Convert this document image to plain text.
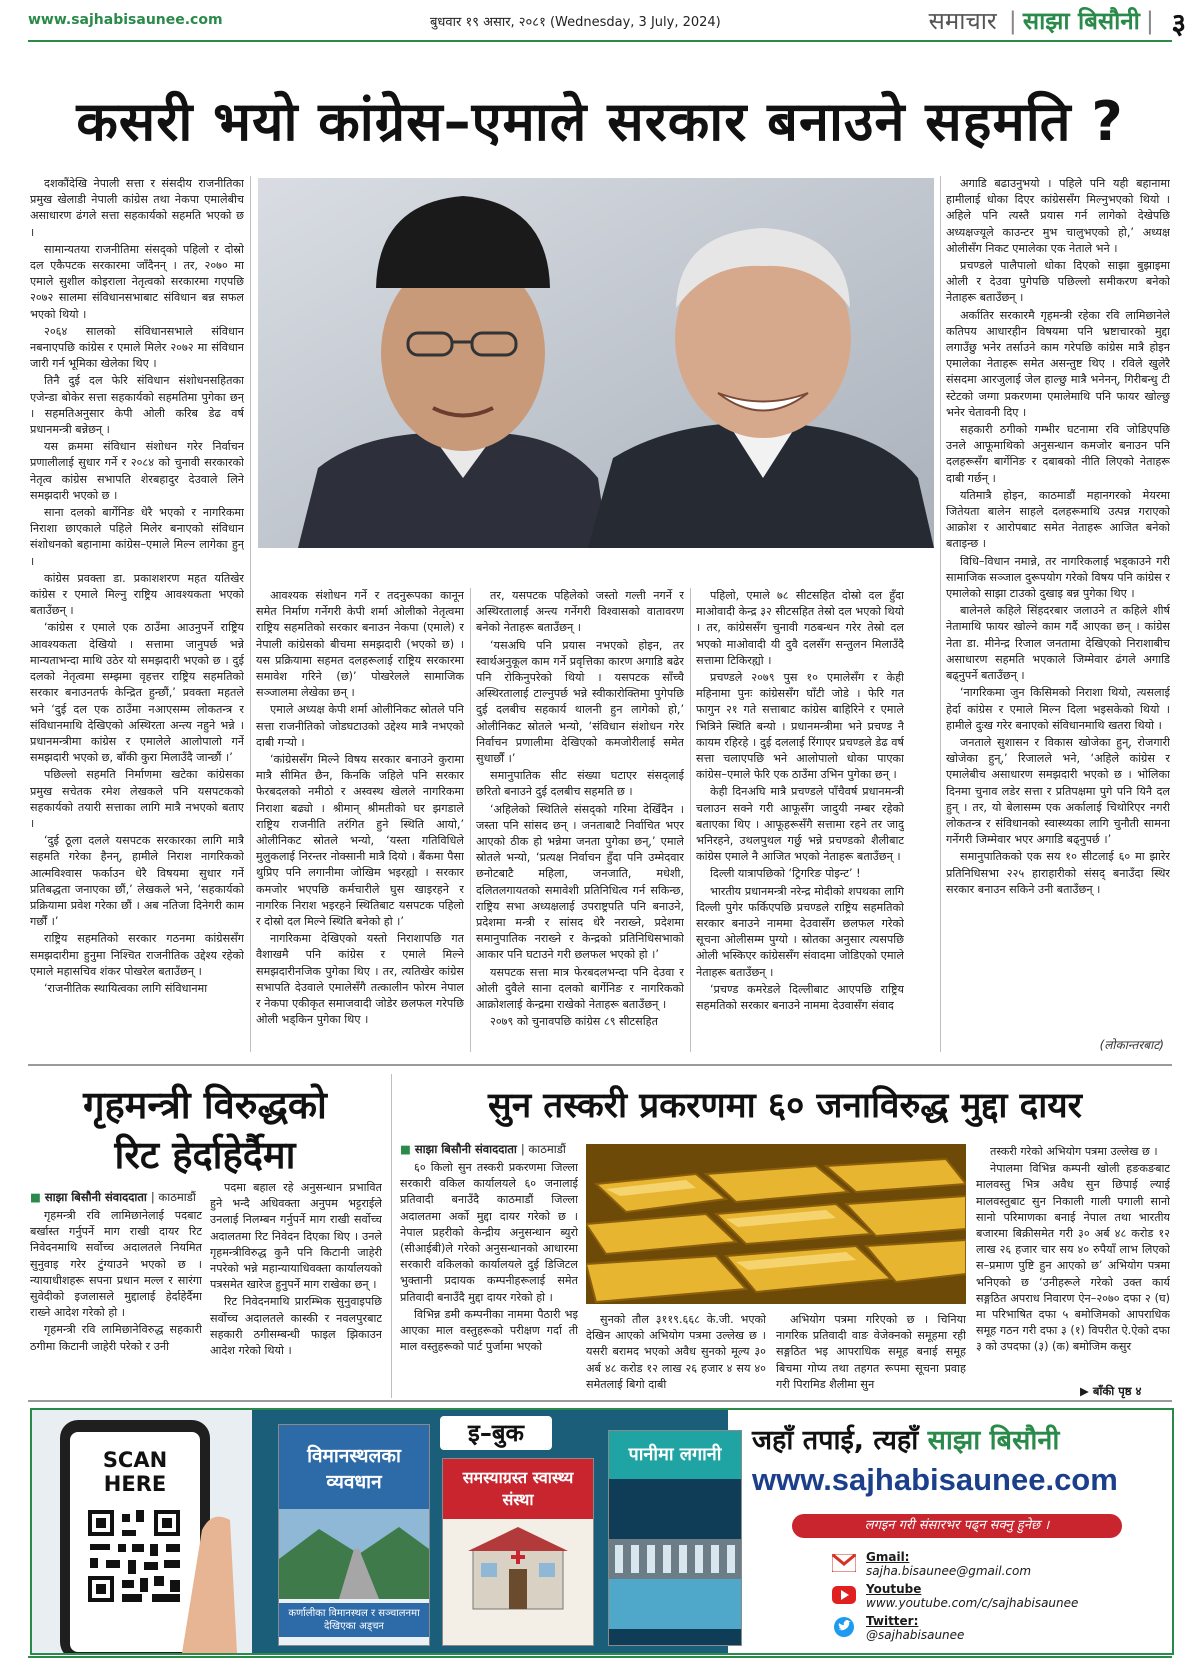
www.sajhabisaunee.com	बुधवार १९ असार, २०८१ (Wednesday, 3 July, 2024)	समाचार | साझा बिसौनी | ३
कसरी भयो कांग्रेस–एमाले सरकार बनाउने सहमति ?

दशकौंदेखि नेपाली सत्ता र संसदीय राजनीतिका प्रमुख खेलाडी नेपाली कांग्रेस तथा नेकपा एमालेबीच असाधारण ढंगले सत्ता सहकार्यको सहमति भएको छ ।

सामान्यतया राजनीतिमा संसद्को पहिलो र दोस्रो दल एकैपटक सरकारमा जाँदैनन् । तर, २०७० मा एमाले सुशील कोइराला नेतृत्वको सरकारमा गएपछि २०७२ सालमा संविधानसभाबाट संविधान बन्न सफल भएको थियो ।

२०६४ सालको संविधानसभाले संविधान नबनाएपछि कांग्रेस र एमाले मिलेर २०७२ मा संविधान जारी गर्न भूमिका खेलेका थिए ।

तिनै दुई दल फेरि संविधान संशोधनसहितका एजेन्डा बोकेर सत्ता सहकार्यको सहमतिमा पुगेका छन् । सहमतिअनुसार केपी ओली करिब डेढ वर्ष प्रधानमन्त्री बन्नेछन् ।

यस क्रममा संविधान संशोधन गरेर निर्वाचन प्रणालीलाई सुधार गर्ने र २०८४ को चुनावी सरकारको नेतृत्व कांग्रेस सभापति शेरबहादुर देउवाले लिने समझदारी भएको छ ।

साना दलको बार्गेनिङ धेरै भएको र नागरिकमा निराशा छाएकाले पहिले मिलेर बनाएको संविधान संशोधनको बहानामा कांग्रेस–एमाले मिल्न लागेका हुन् ।

कांग्रेस प्रवक्ता डा. प्रकाशशरण महत यतिखेर कांग्रेस र एमाले मिल्नु राष्ट्रिय आवश्यकता भएको बताउँछन् ।

‘कांग्रेस र एमाले एक ठाउँमा आउनुपर्ने राष्ट्रिय आवश्यकता देखियो । सत्तामा जानुपर्छ भन्ने मान्यताभन्दा माथि उठेर यो समझदारी भएको छ । दुई दलको नेतृत्वमा सम्झमा वृहत्तर राष्ट्रिय सहमतिको सरकार बनाउनतर्फ केन्द्रित हुन्छौं,’ प्रवक्ता महतले भने ‘दुई दल एक ठाउँमा नआएसम्म लोकतन्त्र र संविधानमाथि देखिएको अस्थिरता अन्त्य नहुने भन्ने । प्रधानमन्त्रीमा कांग्रेस र एमालेले आलोपालो गर्ने समझदारी भएको छ, बाँकी कुरा मिलाउँदै जान्छौं ।’

पछिल्लो सहमति निर्माणमा खटेका कांग्रेसका प्रमुख सचेतक रमेश लेखकले पनि यसपटकको सहकार्यको तयारी सत्ताका लागि मात्रै नभएको बताए ।

‘दुई ठूला दलले यसपटक सरकारका लागि मात्रै सहमति गरेका हैनन्, हामीले निराश नागरिकको आत्मविश्वास फर्काउन धेरै विषयमा सुधार गर्ने प्रतिबद्धता जनाएका छौं,’ लेखकले भने, ‘सहकार्यको प्रक्रियामा प्रवेश गरेका छौं । अब नतिजा दिनेगरी काम गर्छौं ।’

राष्ट्रिय सहमतिको सरकार गठनमा कांग्रेससँग समझदारीमा हुनुमा निश्चित राजनीतिक उद्देश्य रहेको एमाले महासचिव शंकर पोखरेल बताउँछन् ।

‘राजनीतिक स्थायित्वका लागि संविधानमा

आवश्यक संशोधन गर्ने र तदनुरूपका कानून समेत निर्माण गर्नेगरी केपी शर्मा ओलीको नेतृत्वमा राष्ट्रिय सहमतिको सरकार बनाउन नेकपा (एमाले) र नेपाली कांग्रेसको बीचमा समझदारी (भएको छ) । यस प्रक्रियामा सहमत दलहरूलाई राष्ट्रिय सरकारमा समावेश गरिने (छ)’ पोखरेलले सामाजिक सञ्जालमा लेखेका छन् ।

एमाले अध्यक्ष केपी शर्मा ओलीनिकट स्रोतले पनि सत्ता राजनीतिको जोडघटाउको उद्देश्य मात्रै नभएको दाबी गर्‍यो ।

‘कांग्रेससँग मिल्ने विषय सरकार बनाउने कुरामा मात्रै सीमित छैन, किनकि जहिले पनि सरकार फेरबदलको नमीठो र अस्वस्थ खेलले नागरिकमा निराशा बढ्यो । श्रीमान् श्रीमतीको घर झगडाले राष्ट्रिय राजनीति तरंगित हुने स्थिति आयो,’ ओलीनिकट स्रोतले भन्यो, ‘यस्ता गतिविधिले मुलुकलाई निरन्तर नोक्सानी मात्रै दियो । बैंकमा पैसा थुप्रिए पनि लगानीमा जोखिम भइरह्यो । सरकार कमजोर भएपछि कर्मचारीले घुस खाइरहने र नागरिक निराश भइरहने स्थितिबाट यसपटक पहिलो र दोस्रो दल मिल्ने स्थिति बनेको हो ।’

नागरिकमा देखिएको यस्तो निराशापछि गत वैशाखमै पनि कांग्रेस र एमाले मिल्ने समझदारीनजिक पुगेका थिए । तर, त्यतिखेर कांग्रेस सभापति देउवाले एमालेसँगै तत्कालीन फोरम नेपाल र नेकपा एकीकृत समाजवादी जोडेर छलफल गरेपछि ओली भड्किन पुगेका थिए ।

तर, यसपटक पहिलेको जस्तो गल्ती नगर्ने र अस्थिरतालाई अन्त्य गर्नेगरी विश्वासको वातावरण बनेको नेताहरू बताउँछन् ।

‘यसअघि पनि प्रयास नभएको होइन, तर स्वार्थअनुकूल काम गर्ने प्रवृत्तिका कारण अगाडि बढेर पनि रोकिनुपरेको थियो । यसपटक साँच्चै अस्थिरतालाई टाल्नुपर्छ भन्ने स्वीकारोक्तिमा पुगेपछि दुई दलबीच सहकार्य थालनी हुन लागेको हो,’ ओलीनिकट स्रोतले भन्यो, ‘संविधान संशोधन गरेर निर्वाचन प्रणालीमा देखिएको कमजोरीलाई समेत सुधार्छौं ।’

समानुपातिक सीट संख्या घटाएर संसद्लाई छरितो बनाउने दुई दलबीच सहमति छ ।

‘अहिलेको स्थितिले संसद्को गरिमा देखिँदैन । जस्ता पनि सांसद छन् । जनताबाटै निर्वाचित भएर आएको ठीक हो भन्नेमा जनता पुगेका छन्,’ एमाले स्रोतले भन्यो, ‘प्रत्यक्ष निर्वाचन हुँदा पनि उम्मेदवार छनोटबाटै महिला, जनजाति, मधेशी, दलितलगायतको समावेशी प्रतिनिधित्व गर्न सकिन्छ, राष्ट्रिय सभा अध्यक्षलाई उपराष्ट्रपति पनि बनाउने, प्रदेशमा मन्त्री र सांसद धेरै नराख्ने, प्रदेशमा समानुपातिक नराख्ने र केन्द्रको प्रतिनिधिसभाको आकार पनि घटाउने गरी छलफल भएको हो ।’

यसपटक सत्ता मात्र फेरबदलभन्दा पनि देउवा र ओली दुवैले साना दलको बार्गेनिङ र नागरिकको आक्रोशलाई केन्द्रमा राखेको नेताहरू बताउँछन् ।

२०७९ को चुनावपछि कांग्रेस ८९ सीटसहित

पहिलो, एमाले ७८ सीटसहित दोस्रो दल हुँदा माओवादी केन्द्र ३२ सीटसहित तेस्रो दल भएको थियो । तर, कांग्रेससँग चुनावी गठबन्धन गरेर तेस्रो दल भएको माओवादी यी दुवै दलसँग सन्तुलन मिलाउँदै सत्तामा टिकिरह्यो ।

प्रचण्डले २०७९ पुस १० एमालेसँग र केही महिनामा पुनः कांग्रेससँग घाँटी जोडे । फेरि गत फागुन २१ गते सत्ताबाट कांग्रेस बाहिरिने र एमाले भित्रिने स्थिति बन्यो । प्रधानमन्त्रीमा भने प्रचण्ड नै कायम रहिरहे । दुई दललाई रिंगाएर प्रचण्डले डेढ वर्ष सत्ता चलाएपछि भने आलोपालो धोका पाएका कांग्रेस–एमाले फेरि एक ठाउँमा उभिन पुगेका छन् ।

केही दिनअघि मात्रै प्रचण्डले पाँचैवर्ष प्रधानमन्त्री चलाउन सक्ने गरी आफूसँग जादुयी नम्बर रहेको बताएका थिए । आफूहरूसँगै सत्तामा रहने तर जादु भनिरहने, उथलपुथल गर्छु भन्ने प्रचण्डको शैलीबाट कांग्रेस एमाले नै आजित भएको नेताहरू बताउँछन् ।

दिल्ली यात्रापछिको ‘ट्रिगरिङ पोइन्ट’ !

भारतीय प्रधानमन्त्री नरेन्द्र मोदीको शपथका लागि दिल्ली पुगेर फर्किएपछि प्रचण्डले राष्ट्रिय सहमतिको सरकार बनाउने नाममा देउवासँग छलफल गरेको सूचना ओलीसम्म पुग्यो । स्रोतका अनुसार त्यसपछि ओली भस्किएर कांग्रेससँग संवादमा जोडिएको एमाले नेताहरू बताउँछन् ।

‘प्रचण्ड कमरेडले दिल्लीबाट आएपछि राष्ट्रिय सहमतिको सरकार बनाउने नाममा देउवासँग संवाद

अगाडि बढाउनुभयो । पहिले पनि यही बहानामा हामीलाई धोका दिएर कांग्रेससँग मिल्नुभएको थियो । अहिले पनि त्यस्तै प्रयास गर्न लागेको देखेपछि अध्यक्षज्यूले काउन्टर मुभ चालुभएको हो,’ अध्यक्ष ओलीसँग निकट एमालेका एक नेताले भने ।

प्रचण्डले पालैपालो धोका दिएको साझा बुझाइमा ओली र देउवा पुगेपछि पछिल्लो समीकरण बनेको नेताहरू बताउँछन् ।

अर्कातिर सरकारमै गृहमन्त्री रहेका रवि लामिछानेले कतिपय आधारहीन विषयमा पनि भ्रष्टाचारको मुद्दा लगाउँछु भनेर तर्साउने काम गरेपछि कांग्रेस मात्रै होइन एमालेका नेताहरू समेत असन्तुष्ट थिए । रविले खुलेरै संसदमा आरजुलाई जेल हाल्छु मात्रै भनेनन्, गिरीबन्धु टी स्टेटको जग्गा प्रकरणमा एमालेमाथि पनि फायर खोल्छु भनेर चेतावनी दिए ।

सहकारी ठगीको गम्भीर घटनामा रवि जोडिएपछि उनले आफूमाथिको अनुसन्धान कमजोर बनाउन पनि दलहरूसँग बार्गेनिङ र दबाबको नीति लिएको नेताहरू दाबी गर्छन् ।

यतिमात्रै होइन, काठमाडौं महानगरको मेयरमा जितेयता बालेन साहले दलहरूमाथि उत्पन्न गराएको आक्रोश र आरोपबाट समेत नेताहरू आजित बनेको बताइन्छ ।

विधि–विधान नमान्ने, तर नागरिकलाई भड्काउने गरी सामाजिक सञ्जाल दुरूपयोग गरेको विषय पनि कांग्रेस र एमालेको साझा टाउको दुखाइ बन्न पुगेका थिए ।

बालेनले कहिले सिंहदरबार जलाउने त कहिले शीर्ष नेतामाथि फायर खोल्ने काम गर्दै आएका छन् । कांग्रेस नेता डा. मीनेन्द्र रिजाल जनतामा देखिएको निराशाबीच असाधारण सहमति भएकाले जिम्मेवार ढंगले अगाडि बढ्नुपर्ने बताउँछन् ।

‘नागरिकमा जुन किसिमको निराशा थियो, त्यसलाई हेर्दा कांग्रेस र एमाले मिल्न दिला भइसकेको थियो । हामीले दुःख गरेर बनाएको संविधानमाथि खतरा थियो ।

जनताले सुशासन र विकास खोजेका हुन्, रोजगारी खोजेका हुन्,’ रिजालले भने, ‘अहिले कांग्रेस र एमालेबीच असाधारण समझदारी भएको छ । भोलिका दिनमा चुनाव लडेर सत्ता र प्रतिपक्षमा पुगे पनि यिनै दल हुन् । तर, यो बेलासम्म एक अर्कालाई चिथोरिएर नगरी लोकतन्त्र र संविधानको स्वास्थ्यका लागि चुनौती सामना गर्नेगरी जिम्मेवार भएर अगाडि बढ्नुपर्छ ।’

समानुपातिकको एक सय १० सीटलाई ६० मा झारेर प्रतिनिधिसभा २२५ हाराहारीको संसद् बनाउँदा स्थिर सरकार बनाउन सकिने उनी बताउँछन् ।

(लोकान्तरबाट)
गृहमन्त्री विरुद्धको
रिट हेर्दाहेर्दैमा
■ साझा बिसौनी संवाददाता | काठमाडौं

गृहमन्त्री रवि लामिछानेलाई पदबाट बर्खास्त गर्नुपर्ने माग राखी दायर रिट निवेदनमाथि सर्वोच्च अदालतले नियमित सुनुवाइ गरेर टुंग्याउने भएको छ । न्यायाधीशहरू सपना प्रधान मल्ल र सारंगा सुवेदीको इजलासले मुद्दालाई हेर्दाहेर्दैमा राख्ने आदेश गरेको हो ।

गृहमन्त्री रवि लामिछानेविरुद्ध सहकारी ठगीमा किटानी जाहेरी परेको र उनी

पदमा बहाल रहे अनुसन्धान प्रभावित हुने भन्दै अधिवक्ता अनुपम भट्टराईले उनलाई निलम्बन गर्नुपर्ने माग राखी सर्वोच्च अदालतमा रिट निवेदन दिएका थिए । उनले गृहमन्त्रीविरुद्ध कुनै पनि किटानी जाहेरी नपरेको भन्ने महान्यायाधिवक्ता कार्यालयको पत्रसमेत खारेज हुनुपर्ने माग राखेका छन् ।

रिट निवेदनमाथि प्रारम्भिक सुनुवाइपछि सर्वोच्च अदालतले कास्की र नवलपुरबाट सहकारी ठगीसम्बन्धी फाइल झिकाउन आदेश गरेको थियो ।

सुन तस्करी प्रकरणमा ६० जनाविरुद्ध मुद्दा दायर
■ साझा बिसौनी संवाददाता | काठमाडौं

६० किलो सुन तस्करी प्रकरणमा जिल्ला सरकारी वकिल कार्यालयले ६० जनालाई प्रतिवादी बनाउँदै काठमाडौं जिल्ला अदालतमा अर्को मुद्दा दायर गरेको छ । नेपाल प्रहरीको केन्द्रीय अनुसन्धान ब्युरो (सीआईबी)ले गरेको अनुसन्धानको आधारमा सरकारी वकिलको कार्यालयले दुई डिजिटल भुक्तानी प्रदायक कम्पनीहरूलाई समेत प्रतिवादी बनाउँदै मुद्दा दायर गरेको हो ।

विभिन्न डमी कम्पनीका नाममा पैठारी भइ आएका माल वस्तुहरूको परीक्षण गर्दा ती माल वस्तुहरूको पार्ट पुर्जामा भएको

सुनको तौल ३११९.६६८ के.जी. भएको देखिन आएको अभियोग पत्रमा उल्लेख छ । यसरी बरामद भएको अवैध सुनको मूल्य ३० अर्ब ४८ करोड १२ लाख २६ हजार ४ सय ४० समेतलाई बिगो दाबी

अभियोग पत्रमा गरिएको छ । चिनिया नागरिक प्रतिवादी वाङ वेजेक्नको समूहमा रही सङ्गठित भइ आपराधिक समूह बनाई समूह बिचमा गोप्य तथा तहगत रूपमा सूचना प्रवाह गरी पिरामिड शैलीमा सुन

तस्करी गरेको अभियोग पत्रमा उल्लेख छ ।

नेपालमा विभिन्न कम्पनी खोली हङकङबाट मालवस्तु भित्र अवैध सुन छिपाई ल्याई मालवस्तुबाट सुन निकाली गाली पगाली सानो सानो परिमाणका बनाई नेपाल तथा भारतीय बजारमा बिक्रीसमेत गरी ३० अर्ब ४८ करोड १२ लाख २६ हजार चार सय ४० रुपैयाँ लाभ लिएको स–प्रमाण पुष्टि हुन आएको छ’ अभियोग पत्रमा भनिएको छ ‘उनीहरूले गरेको उक्त कार्य सङ्गठित अपराध निवारण ऐन–२०७० दफा २ (घ) मा परिभाषित दफा ५ बमोजिमको आपराधिक समूह गठन गरी दफा ३ (१) विपरीत ऐ.ऐको दफा ३ को उपदफा (३) (क) बमोजिम कसुर

▶ बाँकी पृष्ठ ४
SCAN HERE
इ–बुक
विमानस्थलका व्यवधान
कर्णालीका विमानस्थल र सञ्चालनमा देखिएका अड्चन
समस्याग्रस्त स्वास्थ्य संस्था
पानीमा लगानी	जहाँ तपाई, त्यहाँ साझा बिसौनी
www.sajhabisaunee.com
लगइन गरी संसारभर पढ्न सक्नु हुनेछ ।
Gmail:
sajha.bisaunee@gmail.com
Youtube
www.youtube.com/c/sajhabisaunee
Twitter:
@sajhabisaunee
